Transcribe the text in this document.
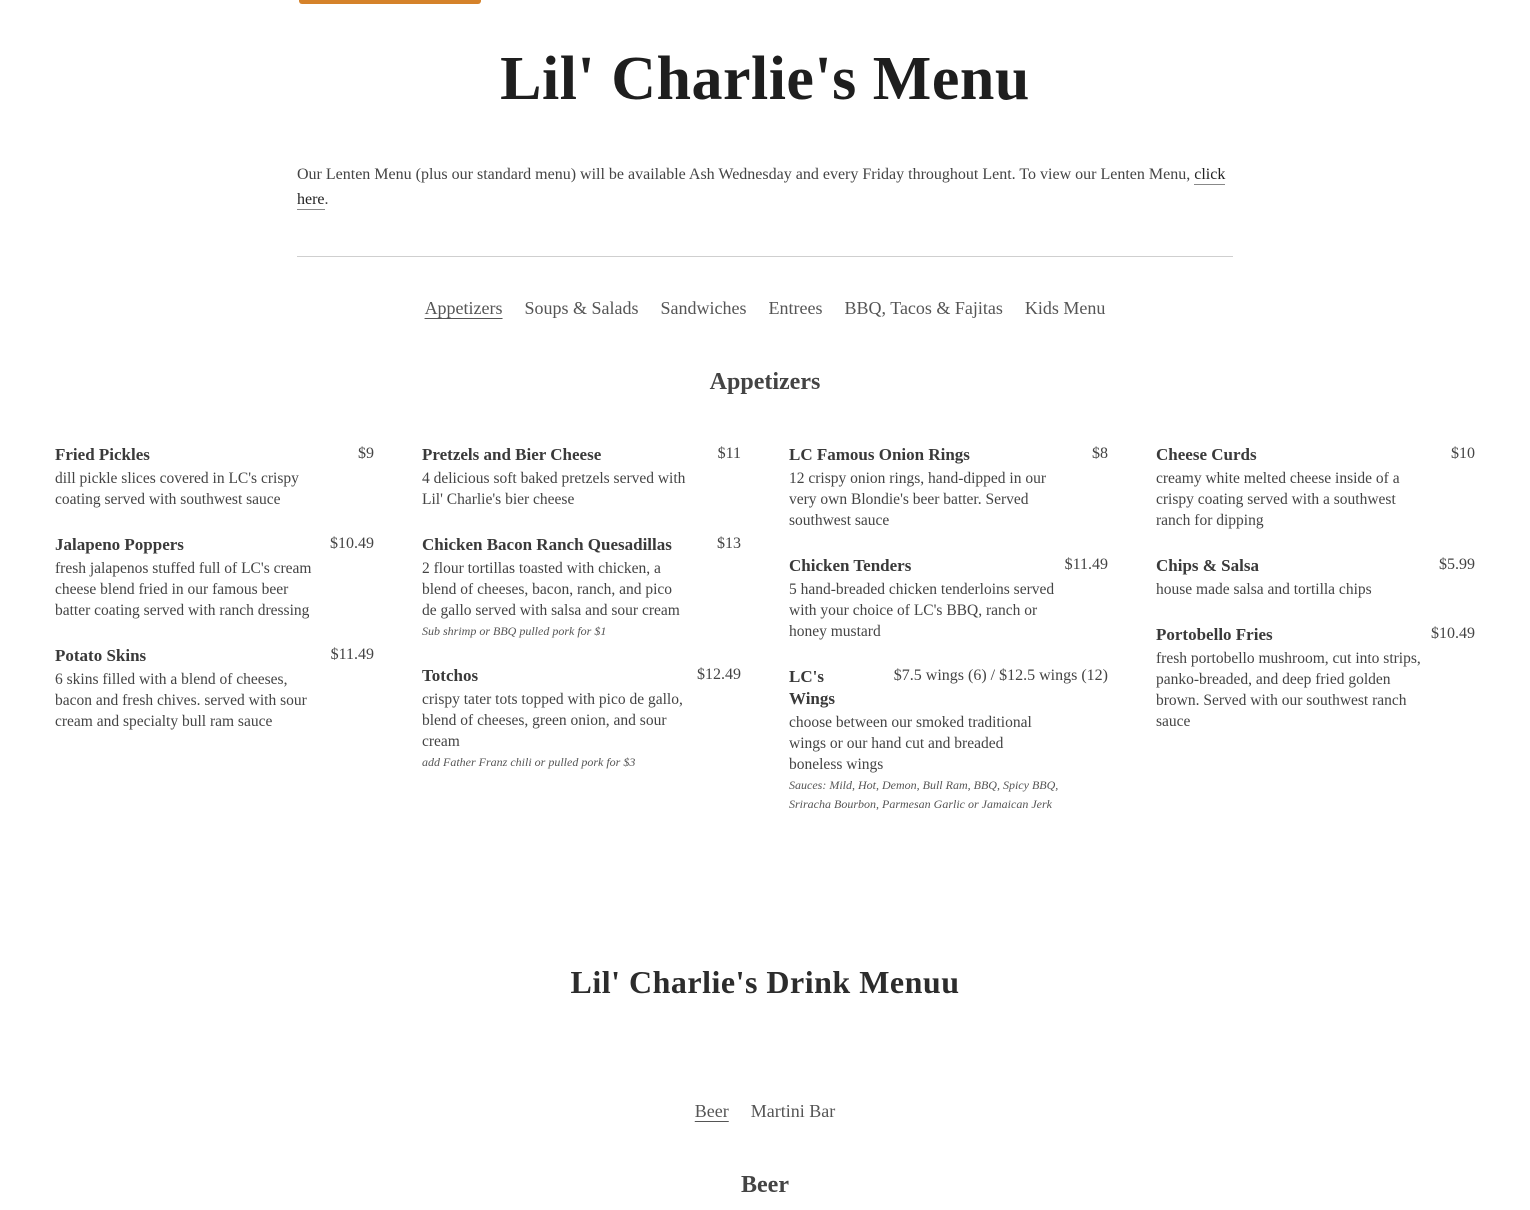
Lil' Charlie's Menu

Our Lenten Menu (plus our standard menu) will be available Ash Wednesday and every Friday throughout Lent. To view our Lenten Menu, click here.

Appetizers Soups & Salads Sandwiches Entrees BBQ, Tacos & Fajitas Kids Menu
Appetizers
Fried Pickles	$9
dill pickle slices covered in LC's crispy coating served with southwest sauce
Jalapeno Poppers	$10.49
fresh jalapenos stuffed full of LC's cream cheese blend fried in our famous beer batter coating served with ranch dressing
Potato Skins	$11.49
6 skins filled with a blend of cheeses, bacon and fresh chives. served with sour cream and specialty bull ram sauce
Pretzels and Bier Cheese	$11
4 delicious soft baked pretzels served with Lil' Charlie's bier cheese
Chicken Bacon Ranch Quesadillas	$13
2 flour tortillas toasted with chicken, a blend of cheeses, bacon, ranch, and pico de gallo served with salsa and sour cream
Sub shrimp or BBQ pulled pork for $1
Totchos	$12.49
crispy tater tots topped with pico de gallo, blend of cheeses, green onion, and sour cream
add Father Franz chili or pulled pork for $3
LC Famous Onion Rings	$8
12 crispy onion rings, hand-dipped in our very own Blondie's beer batter. Served southwest sauce
Chicken Tenders	$11.49
5 hand-breaded chicken tenderloins served with your choice of LC's BBQ, ranch or honey mustard
LC's Wings
$7.5 wings (6) / $12.5 wings (12)
choose between our smoked traditional wings or our hand cut and breaded boneless wings
Sauces: Mild, Hot, Demon, Bull Ram, BBQ, Spicy BBQ, Sriracha Bourbon, Parmesan Garlic or Jamaican Jerk
Cheese Curds	$10
creamy white melted cheese inside of a crispy coating served with a southwest ranch for dipping
Chips & Salsa	$5.99
house made salsa and tortilla chips
Portobello Fries	$10.49
fresh portobello mushroom, cut into strips, panko-breaded, and deep fried golden brown. Served with our southwest ranch sauce
Lil' Charlie's Drink Menuu
Beer Martini Bar
Beer
